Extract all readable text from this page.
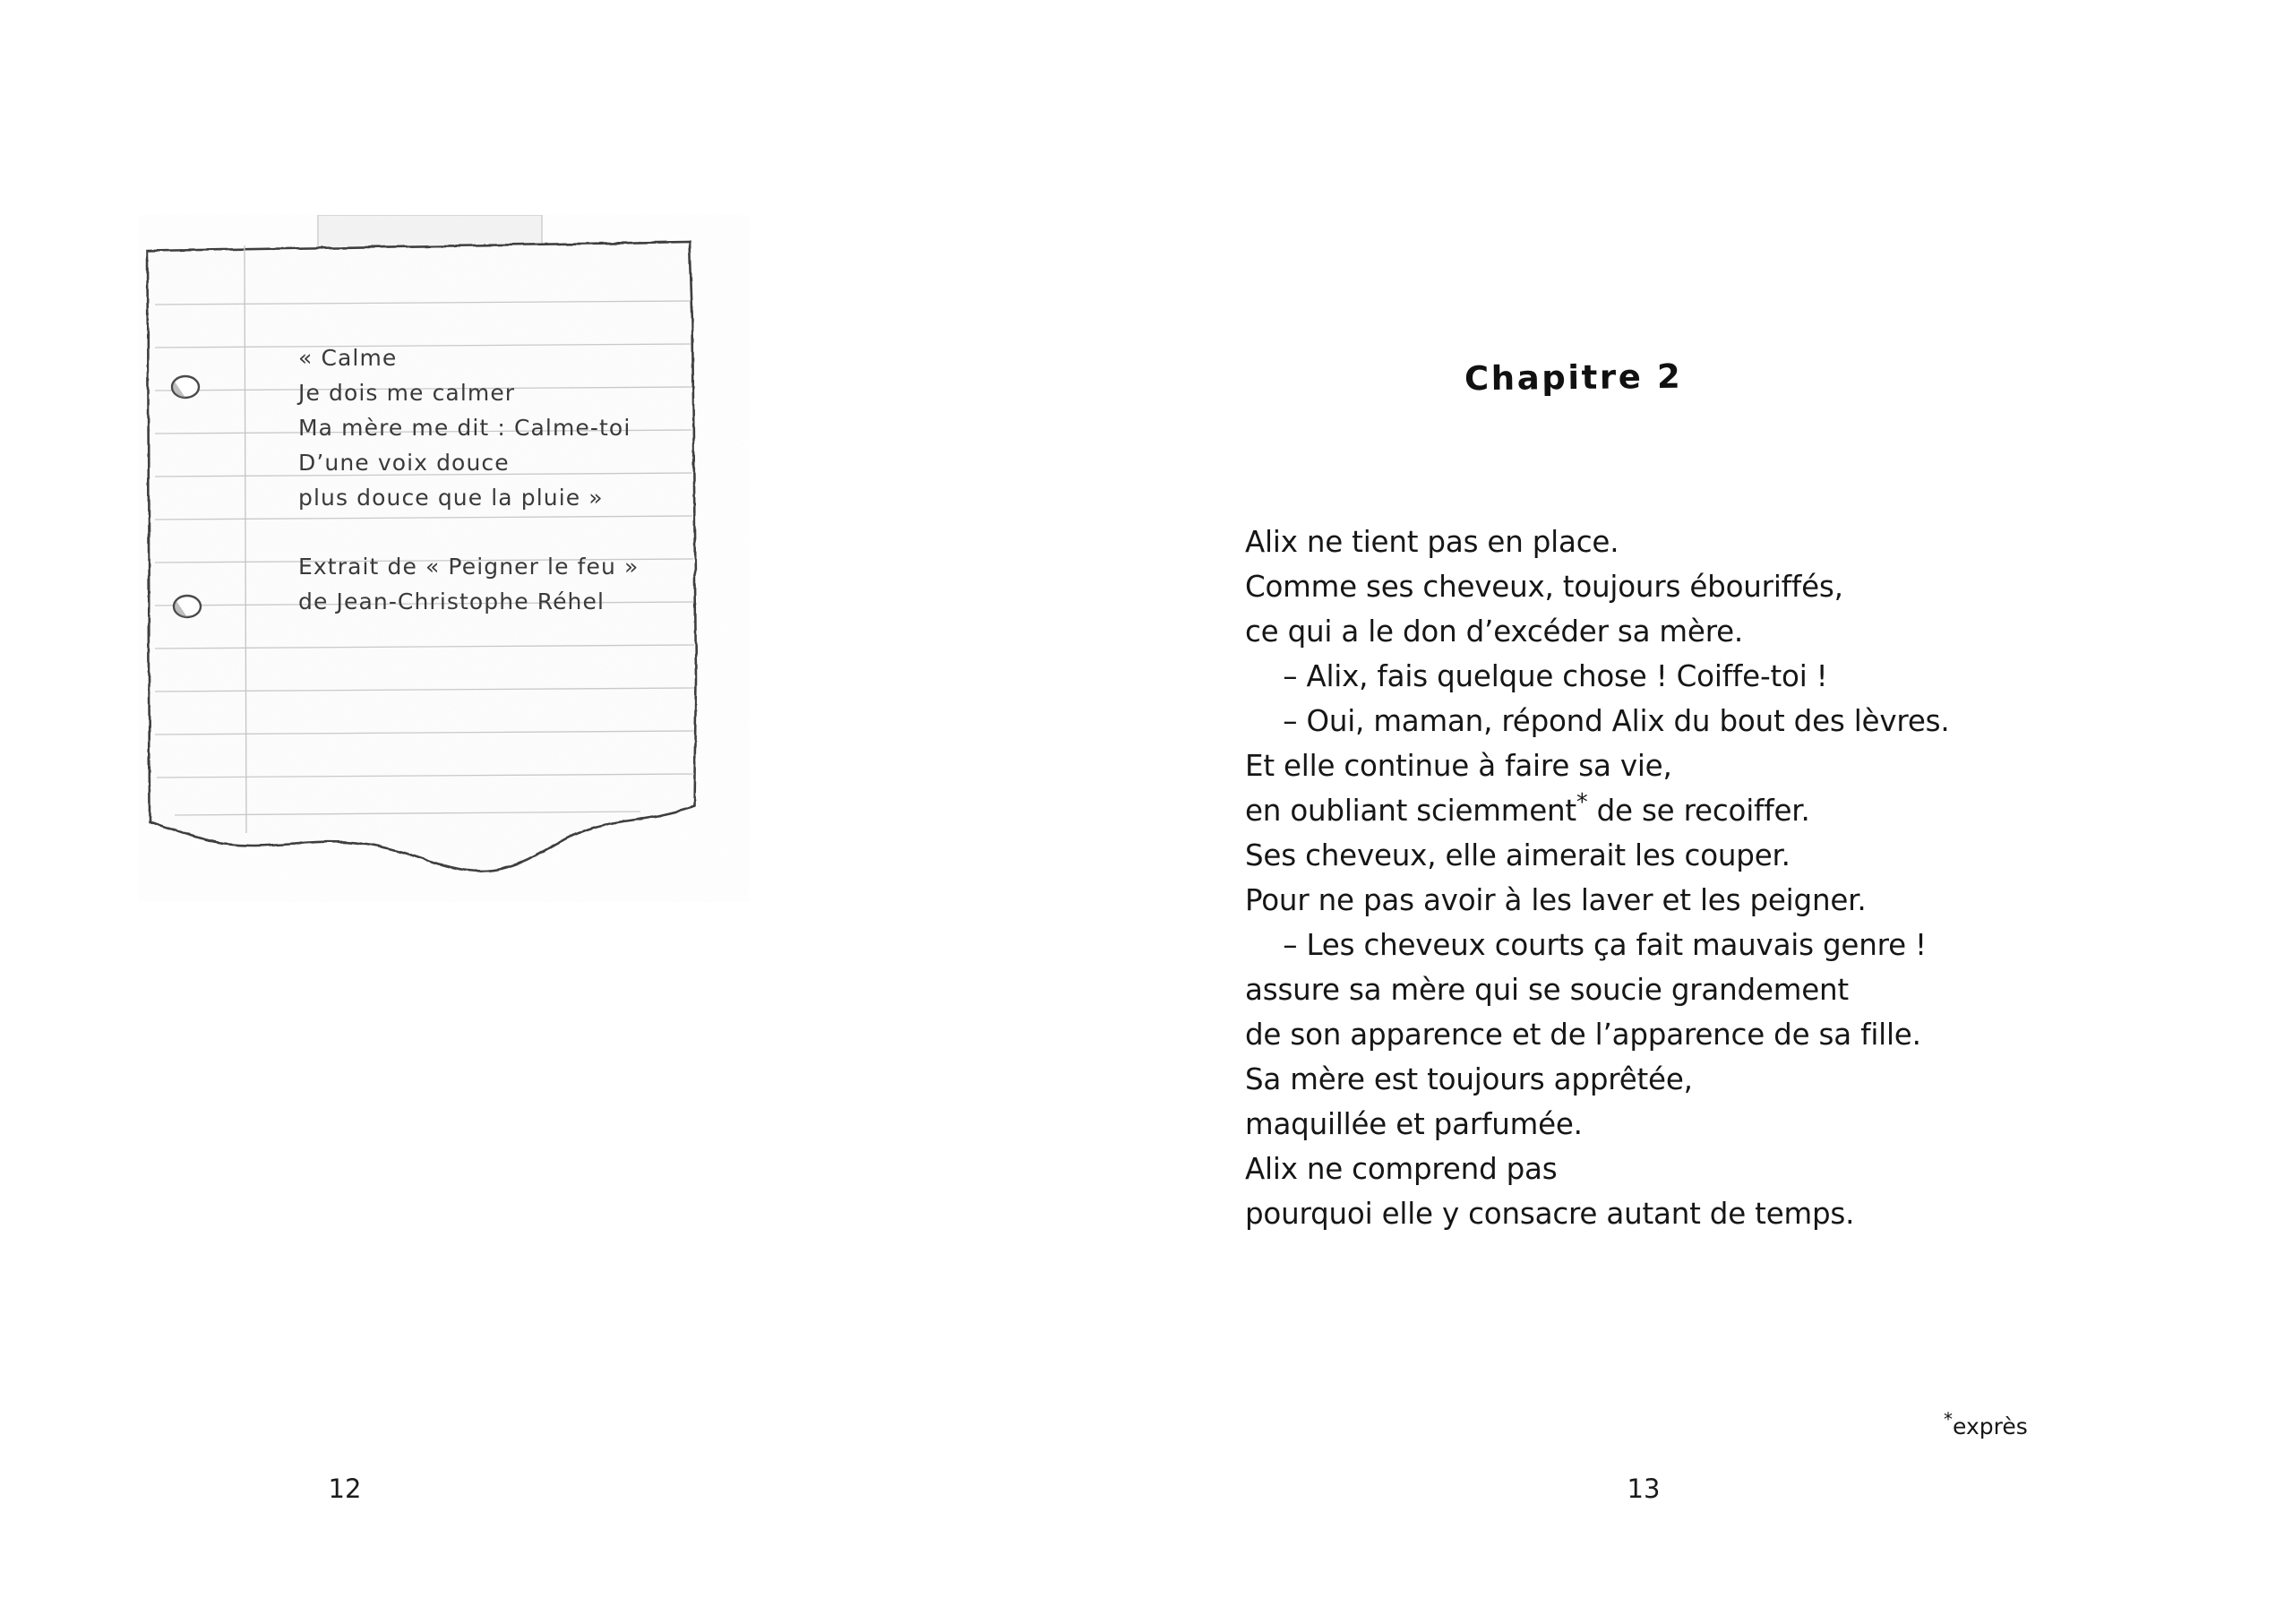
« Calme
Je dois me calmer
Ma mère me dit : Calme-toi
D’une voix douce
plus douce que la pluie »
Extrait de « Peigner le feu »
de Jean-Christophe Réhel
12
Chapitre 2

Alix ne tient pas en place.

Comme ses cheveux, toujours ébouriffés,

ce qui a le don d’excéder sa mère.

– Alix, fais quelque chose ! Coiffe-toi !

– Oui, maman, répond Alix du bout des lèvres.

Et elle continue à faire sa vie,

en oubliant sciemment* de se recoiffer.

Ses cheveux, elle aimerait les couper.

Pour ne pas avoir à les laver et les peigner.

– Les cheveux courts ça fait mauvais genre !

assure sa mère qui se soucie grandement

de son apparence et de l’apparence de sa fille.

Sa mère est toujours apprêtée,

maquillée et parfumée.

Alix ne comprend pas

pourquoi elle y consacre autant de temps.

*exprès
13
